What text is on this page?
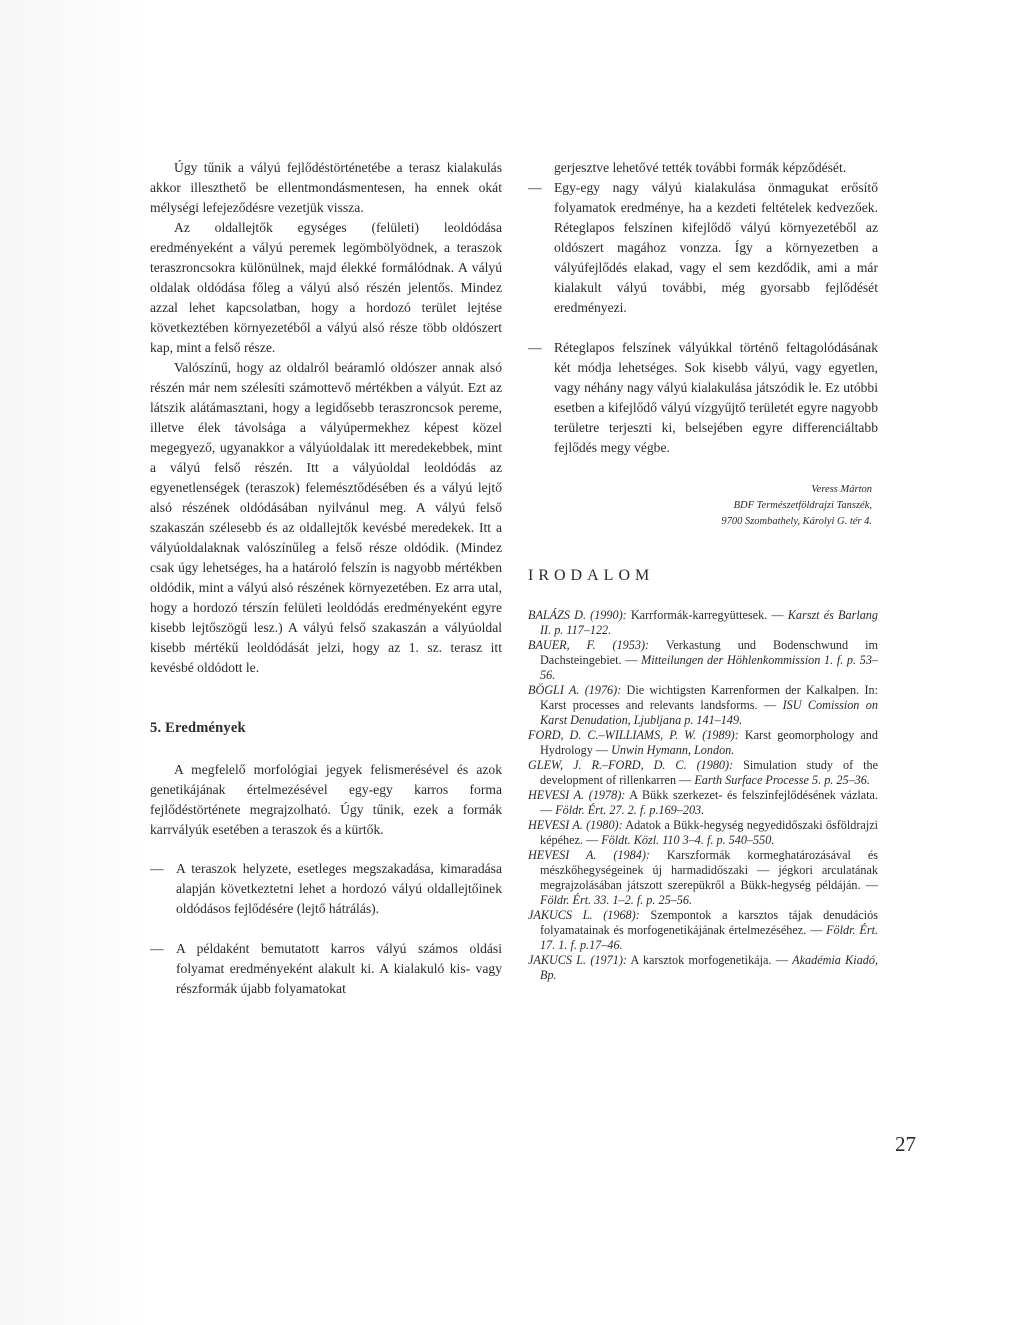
Úgy tűnik a vályú fejlődéstörténetébe a terasz kialakulás akkor illeszthető be ellentmondásmentesen, ha ennek okát mélységi lefejeződésre vezetjük vissza.

Az oldallejtők egységes (felületi) leoldódása eredményeként a vályú peremek legömbölyödnek, a teraszok teraszroncsokra különülnek, majd élekké formálódnak. A vályú oldalak oldódása főleg a vályú alsó részén jelentős. Mindez azzal lehet kapcsolatban, hogy a hordozó terület lejtése következtében környezetéből a vályú alsó része több oldószert kap, mint a felső része.

Valószínű, hogy az oldalról beáramló oldószer annak alsó részén már nem szélesíti számottevő mértékben a vályút. Ezt az látszik alátámasztani, hogy a legidősebb teraszroncsok pereme, illetve élek távolsága a vályúpermekhez képest közel megegyező, ugyanakkor a vályúoldalak itt meredekebbek, mint a vályú felső részén. Itt a vályúoldal leoldódás az egyenetlenségek (teraszok) felemésztődésében és a vályú lejtő alsó részének oldódásában nyilvánul meg. A vályú felső szakaszán szélesebb és az oldallejtők kevésbé meredekek. Itt a vályúoldalaknak valószínűleg a felső része oldódik. (Mindez csak úgy lehetséges, ha a határoló felszín is nagyobb mértékben oldódik, mint a vályú alsó részének környezetében. Ez arra utal, hogy a hordozó térszín felületi leoldódás eredményeként egyre kisebb lejtőszögű lesz.) A vályú felső szakaszán a vályúoldal kisebb mértékű leoldódását jelzi, hogy az 1. sz. terasz itt kevésbé oldódott le.

5. Eredmények

A megfelelő morfológiai jegyek felismerésével és azok genetikájának értelmezésével egy-egy karros forma fejlődéstörténete megrajzolható. Úgy tűnik, ezek a formák karrvályúk esetében a teraszok és a kürtők.

— A teraszok helyzete, esetleges megszakadása, kimaradása alapján következtetni lehet a hordozó vályú oldallejtőinek oldódásos fejlődésére (lejtő hátrálás).
— A példaként bemutatott karros vályú számos oldási folyamat eredményeként alakult ki. A kialakuló kis- vagy részformák újabb folyamatokat

gerjesztve lehetővé tették további formák képződését.

— Egy-egy nagy vályú kialakulása önmagukat erősítő folyamatok eredménye, ha a kezdeti feltételek kedvezőek. Réteglapos felszínen kifejlődő vályú környezetéből az oldószert magához vonzza. Így a környezetben a vályúfejlődés elakad, vagy el sem kezdődik, ami a már kialakult vályú további, még gyorsabb fejlődését eredményezi.
— Réteglapos felszínek vályúkkal történő feltagolódásának két módja lehetséges. Sok kisebb vályú, vagy egyetlen, vagy néhány nagy vályú kialakulása játszódik le. Ez utóbbi esetben a kifejlődő vályú vízgyűjtő területét egyre nagyobb területre terjeszti ki, belsejében egyre differenciáltabb fejlődés megy végbe.
Veress Márton
BDF Természetföldrajzi Tanszék,
9700 Szombathely, Károlyi G. tér 4.

IRODALOM

BALÁZS D. (1990): Karrformák-karregyüttesek. — Karszt és Barlang II. p. 117–122.

BAUER, F. (1953): Verkastung und Bodenschwund im Dachsteingebiet. — Mitteilungen der Höhlenkommission 1. f. p. 53–56.

BÖGLI A. (1976): Die wichtigsten Karrenformen der Kalkalpen. In: Karst processes and relevants landsforms. — ISU Comission on Karst Denudation, Ljubljana p. 141–149.

FORD, D. C.–WILLIAMS, P. W. (1989): Karst geomorphology and Hydrology — Unwin Hymann, London.

GLEW, J. R.–FORD, D. C. (1980): Simulation study of the development of rillenkarren — Earth Surface Processe 5. p. 25–36.

HEVESI A. (1978): A Bükk szerkezet- és felszínfejlődésének vázlata. — Földr. Ért. 27. 2. f. p.169–203.

HEVESI A. (1980): Adatok a Bükk-hegység negyedidőszaki ősföldrajzi képéhez. — Földt. Közl. 110 3–4. f. p. 540–550.

HEVESI A. (1984): Karszformák kormeghatározásával és mészkőhegységeinek új harmadidőszaki — jégkori arculatának megrajzolásában játszott szerepükről a Bükk-hegység példáján. — Földr. Ért. 33. 1–2. f. p. 25–56.

JAKUCS L. (1968): Szempontok a karsztos tájak denudációs folyamatainak és morfogenetikájának értelmezéséhez. — Földr. Ért. 17. 1. f. p.17–46.

JAKUCS L. (1971): A karsztok morfogenetikája. — Akadémia Kiadó, Bp.

27
